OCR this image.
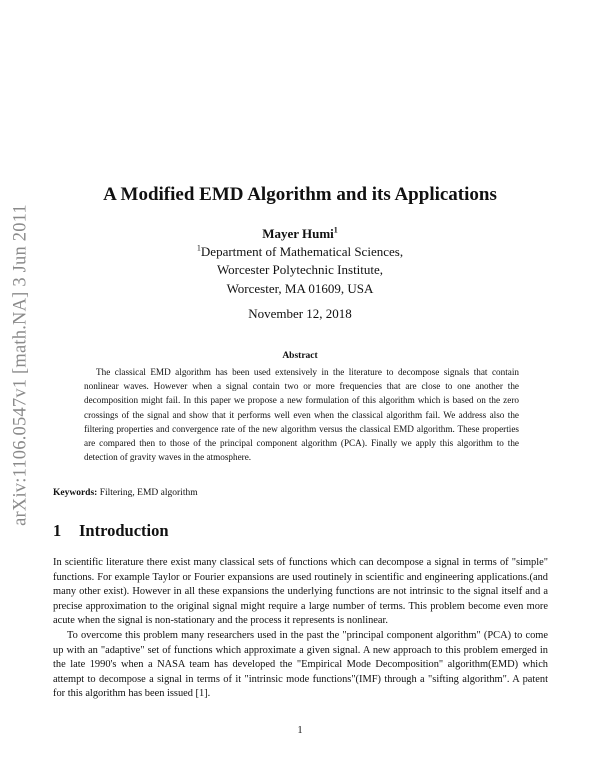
arXiv:1106.0547v1 [math.NA] 3 Jun 2011
A Modified EMD Algorithm and its Applications
Mayer Humi$^1$
$^1$Department of Mathematical Sciences,
Worcester Polytechnic Institute,
Worcester, MA 01609, USA
November 12, 2018
Abstract

The classical EMD algorithm has been used extensively in the literature to decompose signals that contain nonlinear waves. However when a signal contain two or more frequencies that are close to one another the decomposition might fail. In this paper we propose a new formulation of this algorithm which is based on the zero crossings of the signal and show that it performs well even when the classical algorithm fail. We address also the filtering properties and convergence rate of the new algorithm versus the classical EMD algorithm. These properties are compared then to those of the principal component algorithm (PCA). Finally we apply this algorithm to the detection of gravity waves in the atmosphere.

Keywords: Filtering, EMD algorithm
1 Introduction

In scientific literature there exist many classical sets of functions which can decompose a signal in terms of "simple" functions. For example Taylor or Fourier expansions are used routinely in scientific and engineering applications.(and many other exist). However in all these expansions the underlying functions are not intrinsic to the signal itself and a precise approximation to the original signal might require a large number of terms. This problem become even more acute when the signal is non-stationary and the process it represents is nonlinear.

To overcome this problem many researchers used in the past the "principal component algorithm" (PCA) to come up with an "adaptive" set of functions which approximate a given signal. A new approach to this problem emerged in the late 1990's when a NASA team has developed the "Empirical Mode Decomposition" algorithm(EMD) which attempt to decompose a signal in terms of it "intrinsic mode functions"(IMF) through a "sifting algorithm". A patent for this algorithm has been issued [1].

1
